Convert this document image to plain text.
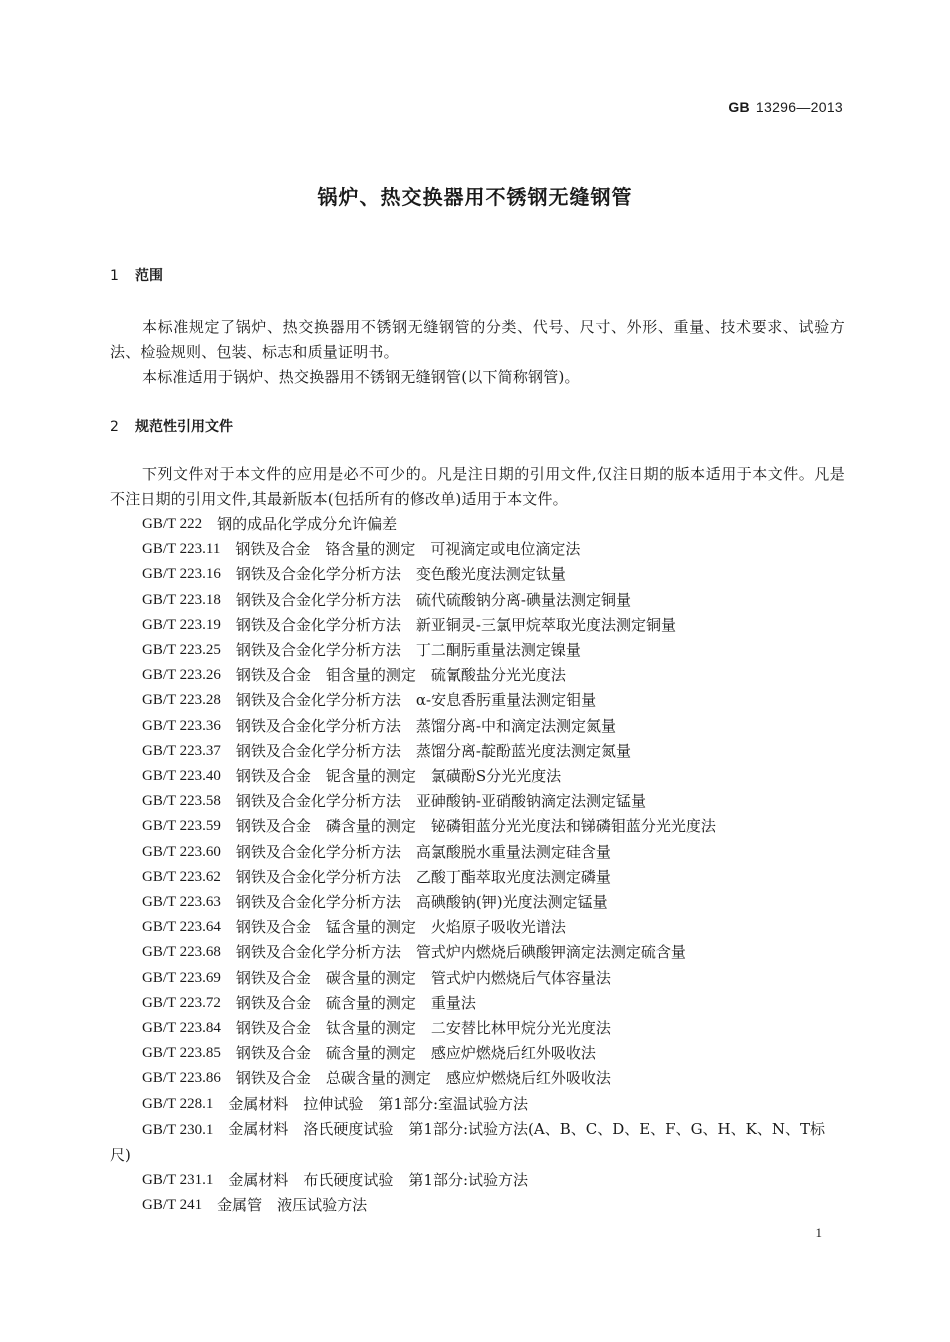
GB 13296—2013
锅炉、热交换器用不锈钢无缝钢管
1 范围
本标准规定了锅炉、热交换器用不锈钢无缝钢管的分类、代号、尺寸、外形、重量、技术要求、试验方法、检验规则、包装、标志和质量证明书。
本标准适用于锅炉、热交换器用不锈钢无缝钢管(以下简称钢管)。
2 规范性引用文件
下列文件对于本文件的应用是必不可少的。凡是注日期的引用文件,仅注日期的版本适用于本文件。凡是不注日期的引用文件,其最新版本(包括所有的修改单)适用于本文件。
GB/T 222	钢的成品化学成分允许偏差
GB/T 223.11	钢铁及合金　铬含量的测定　可视滴定或电位滴定法
GB/T 223.16	钢铁及合金化学分析方法　变色酸光度法测定钛量
GB/T 223.18	钢铁及合金化学分析方法　硫代硫酸钠分离-碘量法测定铜量
GB/T 223.19	钢铁及合金化学分析方法　新亚铜灵-三氯甲烷萃取光度法测定铜量
GB/T 223.25	钢铁及合金化学分析方法　丁二酮肟重量法测定镍量
GB/T 223.26	钢铁及合金　钼含量的测定　硫氰酸盐分光光度法
GB/T 223.28	钢铁及合金化学分析方法　α-安息香肟重量法测定钼量
GB/T 223.36	钢铁及合金化学分析方法　蒸馏分离-中和滴定法测定氮量
GB/T 223.37	钢铁及合金化学分析方法　蒸馏分离-靛酚蓝光度法测定氮量
GB/T 223.40	钢铁及合金　铌含量的测定　氯磺酚S分光光度法
GB/T 223.58	钢铁及合金化学分析方法　亚砷酸钠-亚硝酸钠滴定法测定锰量
GB/T 223.59	钢铁及合金　磷含量的测定　铋磷钼蓝分光光度法和锑磷钼蓝分光光度法
GB/T 223.60	钢铁及合金化学分析方法　高氯酸脱水重量法测定硅含量
GB/T 223.62	钢铁及合金化学分析方法　乙酸丁酯萃取光度法测定磷量
GB/T 223.63	钢铁及合金化学分析方法　高碘酸钠(钾)光度法测定锰量
GB/T 223.64	钢铁及合金　锰含量的测定　火焰原子吸收光谱法
GB/T 223.68	钢铁及合金化学分析方法　管式炉内燃烧后碘酸钾滴定法测定硫含量
GB/T 223.69	钢铁及合金　碳含量的测定　管式炉内燃烧后气体容量法
GB/T 223.72	钢铁及合金　硫含量的测定　重量法
GB/T 223.84	钢铁及合金　钛含量的测定　二安替比林甲烷分光光度法
GB/T 223.85	钢铁及合金　硫含量的测定　感应炉燃烧后红外吸收法
GB/T 223.86	钢铁及合金　总碳含量的测定　感应炉燃烧后红外吸收法
GB/T 228.1	金属材料　拉伸试验　第1部分:室温试验方法
GB/T 230.1 金属材料　洛氏硬度试验　第1部分:试验方法(A、B、C、D、E、F、G、H、K、N、T标
尺)
GB/T 231.1	金属材料　布氏硬度试验　第1部分:试验方法
GB/T 241	金属管　液压试验方法
1
